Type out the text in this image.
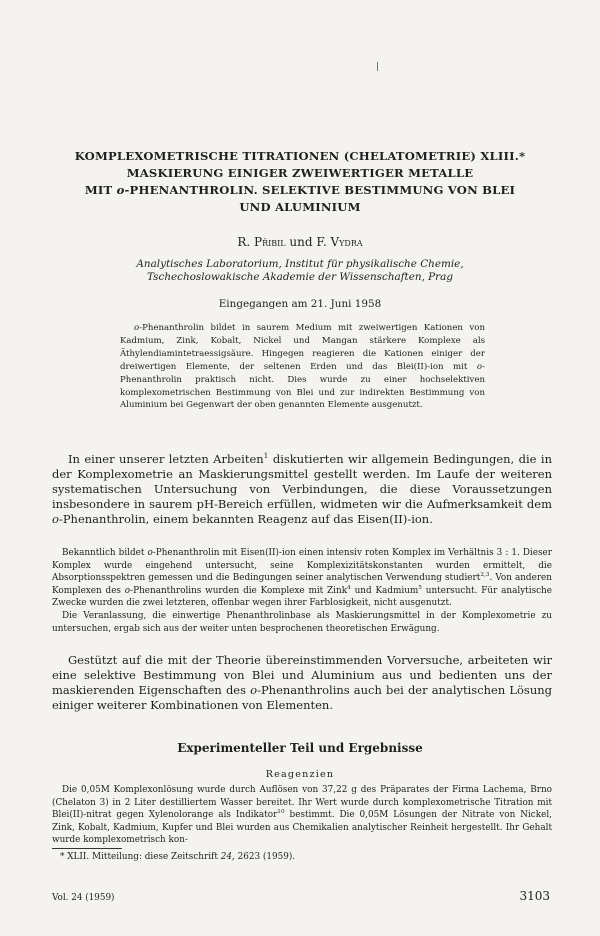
KOMPLEXOMETRISCHE TITRATIONEN (CHELATOMETRIE) XLIII.*
MASKIERUNG EINIGER ZWEIWERTIGER METALLE
MIT o-PHENANTHROLIN. SELEKTIVE BESTIMMUNG VON BLEI
UND ALUMINIUM
R. Přibil und F. Vydra
Analytisches Laboratorium, Institut für physikalische Chemie,
Tschechoslowakische Akademie der Wissenschaften, Prag
Eingegangen am 21. Juni 1958
o-Phenanthrolin bildet in saurem Medium mit zweiwertigen Kationen von Kadmium, Zink, Kobalt, Nickel und Mangan stärkere Komplexe als Äthylendiamintetraessigsäure. Hingegen reagieren die Kationen einiger der dreiwertigen Elemente, der seltenen Erden und das Blei(II)-ion mit o-Phenanthrolin praktisch nicht. Dies wurde zu einer hochselektiven komplexometrischen Bestimmung von Blei und zur indirekten Bestimmung von Aluminium bei Gegenwart der oben genannten Elemente ausgenutzt.
In einer unserer letzten Arbeiten$^1$ diskutierten wir allgemein Bedingungen, die in der Komplexometrie an Maskierungsmittel gestellt werden. Im Laufe der weiteren systematischen Untersuchung von Verbindungen, die diese Voraussetzungen insbesondere in saurem pH-Bereich erfüllen, widmeten wir die Aufmerksamkeit dem o-Phenanthrolin, einem bekannten Reagenz auf das Eisen(II)-ion.

Bekanntlich bildet o-Phenanthrolin mit Eisen(II)-ion einen intensiv roten Komplex im Verhältnis 3 : 1. Dieser Komplex wurde eingehend untersucht, seine Komplexizitätskonstanten wurden ermittelt, die Absorptionsspektren gemessen und die Bedingungen seiner analytischen Verwendung studiert$^{2,3}$. Von anderen Komplexen des o-Phenanthrolins wurden die Komplexe mit Zink$^4$ und Kadmium$^5$ untersucht. Für analytische Zwecke wurden die zwei letzteren, offenbar wegen ihrer Farblosigkeit, nicht ausgenutzt.

Die Veranlassung, die einwertige Phenanthrolinbase als Maskierungsmittel in der Komplexometrie zu untersuchen, ergab sich aus der weiter unten besprochenen theoretischen Erwägung.

Gestützt auf die mit der Theorie übereinstimmenden Vorversuche, arbeiteten wir eine selektive Bestimmung von Blei und Aluminium aus und bedienten uns der maskierenden Eigenschaften des o-Phenanthrolins auch bei der analytischen Lösung einiger weiterer Kombinationen von Elementen.
Experimenteller Teil und Ergebnisse
Reagenzien
Die 0,05M Komplexonlösung wurde durch Auflösen von 37,22 g des Präparates der Firma Lachema, Brno (Chelaton 3) in 2 Liter destilliertem Wasser bereitet. Ihr Wert wurde durch komplexometrische Titration mit Blei(II)-nitrat gegen Xylenolorange als Indikator$^{10}$ bestimmt. Die 0,05M Lösungen der Nitrate von Nickel, Zink, Kobalt, Kadmium, Kupfer und Blei wurden aus Chemikalien analytischer Reinheit hergestellt. Ihr Gehalt wurde komplexometrisch kon-
* XLII. Mitteilung: diese Zeitschrift 24, 2623 (1959).
Vol. 24 (1959)	3103
